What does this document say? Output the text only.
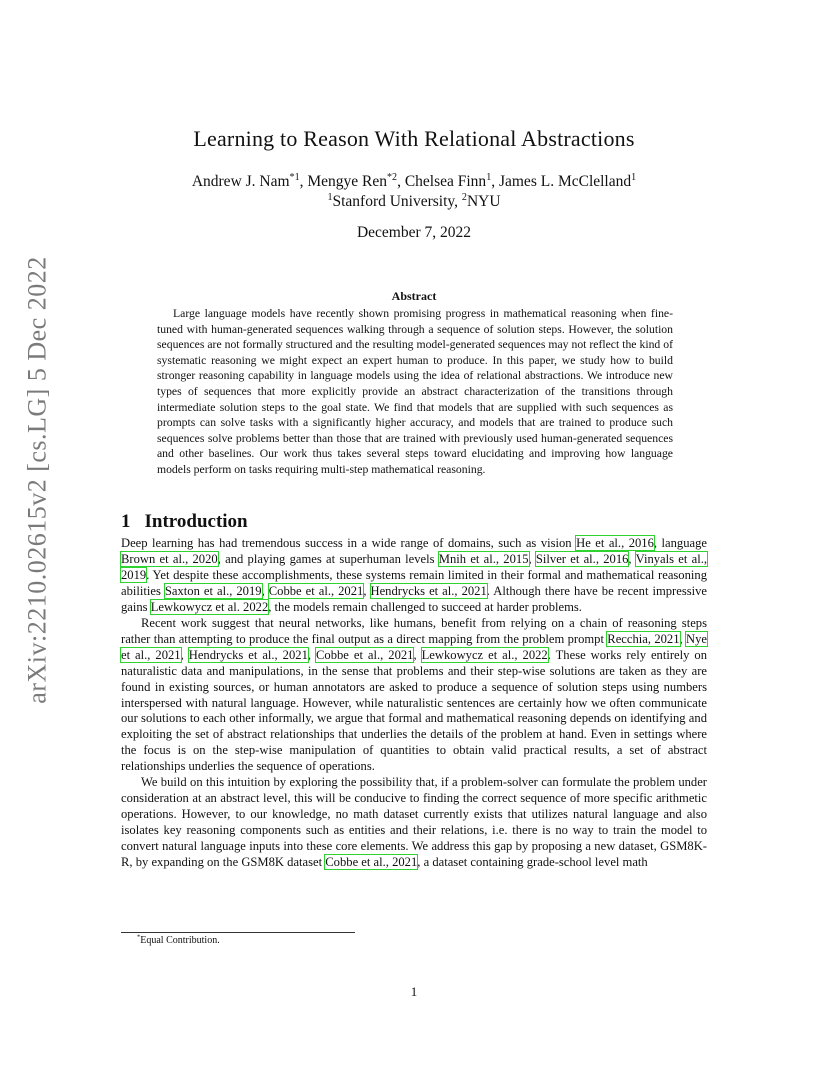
arXiv:2210.02615v2 [cs.LG] 5 Dec 2022
Learning to Reason With Relational Abstractions
Andrew J. Nam$^{*1}$, Mengye Ren$^{*2}$, Chelsea Finn$^1$, James L. McClelland$^1$
$^1$Stanford University, $^2$NYU
December 7, 2022
Abstract

Large language models have recently shown promising progress in mathematical reasoning when fine-tuned with human-generated sequences walking through a sequence of solution steps. However, the solution sequences are not formally structured and the resulting model-generated sequences may not reflect the kind of systematic reasoning we might expect an expert human to produce. In this paper, we study how to build stronger reasoning capability in language models using the idea of relational abstractions. We introduce new types of sequences that more explicitly provide an abstract characterization of the transitions through intermediate solution steps to the goal state. We find that models that are supplied with such sequences as prompts can solve tasks with a significantly higher accuracy, and models that are trained to produce such sequences solve problems better than those that are trained with previously used human-generated sequences and other baselines. Our work thus takes several steps toward elucidating and improving how language models perform on tasks requiring multi-step mathematical reasoning.

1 Introduction

Deep learning has had tremendous success in a wide range of domains, such as vision He et al., 2016, language Brown et al., 2020, and playing games at superhuman levels Mnih et al., 2015, Silver et al., 2016, Vinyals et al., 2019. Yet despite these accomplishments, these systems remain limited in their formal and mathematical reasoning abilities Saxton et al., 2019, Cobbe et al., 2021, Hendrycks et al., 2021. Although there have be recent impressive gains Lewkowycz et al. 2022, the models remain challenged to succeed at harder problems.

Recent work suggest that neural networks, like humans, benefit from relying on a chain of reasoning steps rather than attempting to produce the final output as a direct mapping from the problem prompt Recchia, 2021, Nye et al., 2021, Hendrycks et al., 2021, Cobbe et al., 2021, Lewkowycz et al., 2022. These works rely entirely on naturalistic data and manipulations, in the sense that problems and their step-wise solutions are taken as they are found in existing sources, or human annotators are asked to produce a sequence of solution steps using numbers interspersed with natural language. However, while naturalistic sentences are certainly how we often communicate our solutions to each other informally, we argue that formal and mathematical reasoning depends on identifying and exploiting the set of abstract relationships that underlies the details of the problem at hand. Even in settings where the focus is on the step-wise manipulation of quantities to obtain valid practical results, a set of abstract relationships underlies the sequence of operations.

We build on this intuition by exploring the possibility that, if a problem-solver can formulate the problem under consideration at an abstract level, this will be conducive to finding the correct sequence of more specific arithmetic operations. However, to our knowledge, no math dataset currently exists that utilizes natural language and also isolates key reasoning components such as entities and their relations, i.e. there is no way to train the model to convert natural language inputs into these core elements. We address this gap by proposing a new dataset, GSM8K-R, by expanding on the GSM8K dataset Cobbe et al., 2021, a dataset containing grade-school level math

*Equal Contribution.
1
